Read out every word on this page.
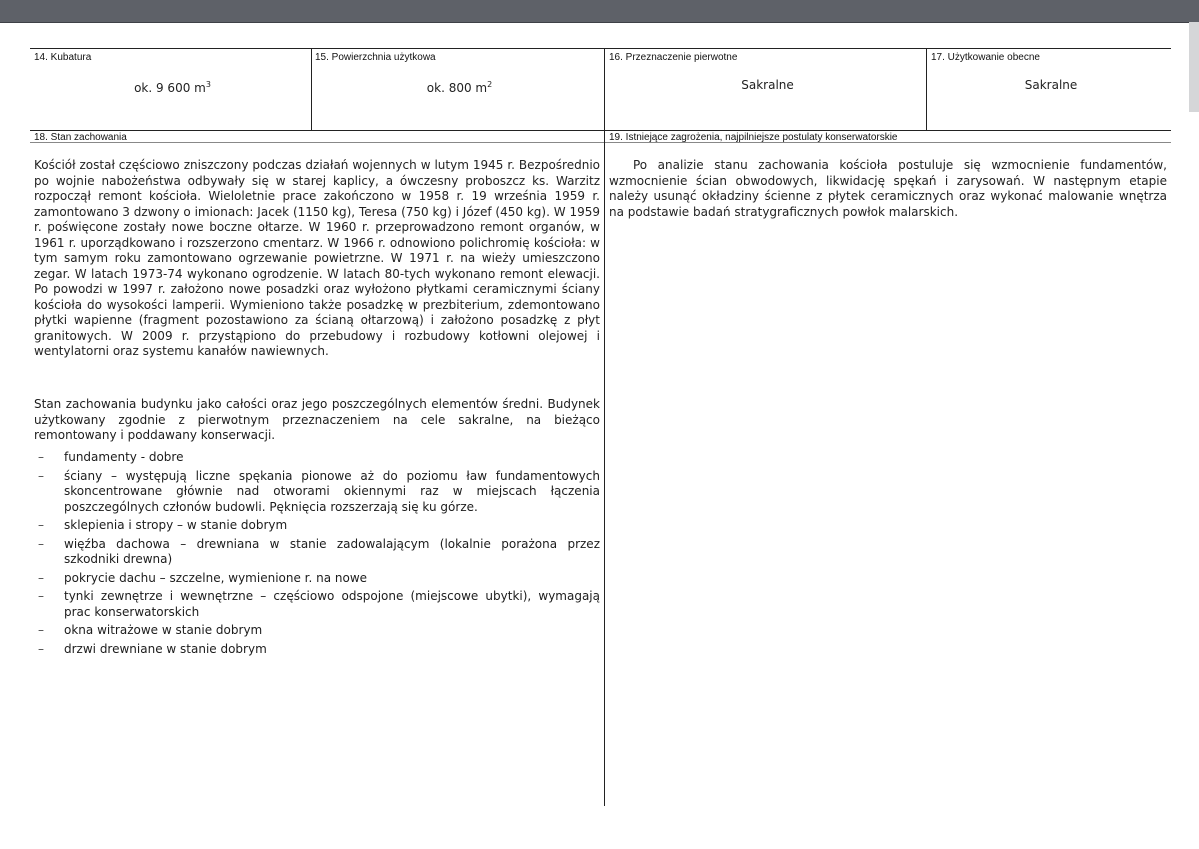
14. Kubatura
ok. 9 600 $m^3$
15. Powierzchnia użytkowa
ok. 800 $m^2$
16. Przeznaczenie pierwotne
Sakralne
17. Użytkowanie obecne
Sakralne
18. Stan zachowania

Kościół został częściowo zniszczony podczas działań wojennych w lutym 1945 r. Bezpośrednio po wojnie nabożeństwa odbywały się w starej kaplicy, a ówczesny proboszcz ks. Warzitz rozpoczął remont kościoła. Wieloletnie prace zakończono w 1958 r. 19 września 1959 r. zamontowano 3 dzwony o imionach: Jacek (1150 kg), Teresa (750 kg) i Józef (450 kg). W 1959 r. poświęcone zostały nowe boczne ołtarze. W 1960 r. przeprowadzono remont organów, w 1961 r. uporządkowano i rozszerzono cmentarz. W 1966 r. odnowiono polichromię kościoła: w tym samym roku zamontowano ogrzewanie powietrzne. W 1971 r. na wieży umieszczono zegar. W latach 1973-74 wykonano ogrodzenie. W latach 80-tych wykonano remont elewacji. Po powodzi w 1997 r. założono nowe posadzki oraz wyłożono płytkami ceramicznymi ściany kościoła do wysokości lamperii. Wymieniono także posadzkę w prezbiterium, zdemontowano płytki wapienne (fragment pozostawiono za ścianą ołtarzową) i założono posadzkę z płyt granitowych. W 2009 r. przystąpiono do przebudowy i rozbudowy kotłowni olejowej i wentylatorni oraz systemu kanałów nawiewnych.

Stan zachowania budynku jako całości oraz jego poszczególnych elementów średni. Budynek użytkowany zgodnie z pierwotnym przeznaczeniem na cele sakralne, na bieżąco remontowany i poddawany konserwacji.

– fundamenty - dobre
– ściany – występują liczne spękania pionowe aż do poziomu ław fundamentowych skoncentrowane głównie nad otworami okiennymi raz w miejscach łączenia poszczególnych członów budowli. Pęknięcia rozszerzają się ku górze.
– sklepienia i stropy – w stanie dobrym
– więźba dachowa – drewniana w stanie zadowalającym (lokalnie porażona przez szkodniki drewna)
– pokrycie dachu – szczelne, wymienione r. na nowe
– tynki zewnętrze i wewnętrzne – częściowo odspojone (miejscowe ubytki), wymagają prac konserwatorskich
– okna witrażowe w stanie dobrym
– drzwi drewniane w stanie dobrym
19. Istniejące zagrożenia, najpilniejsze postulaty konserwatorskie

Po analizie stanu zachowania kościoła postuluje się wzmocnienie fundamentów, wzmocnienie ścian obwodowych, likwidację spękań i zarysowań. W następnym etapie należy usunąć okładziny ścienne z płytek ceramicznych oraz wykonać malowanie wnętrza na podstawie badań stratygraficznych powłok malarskich.
